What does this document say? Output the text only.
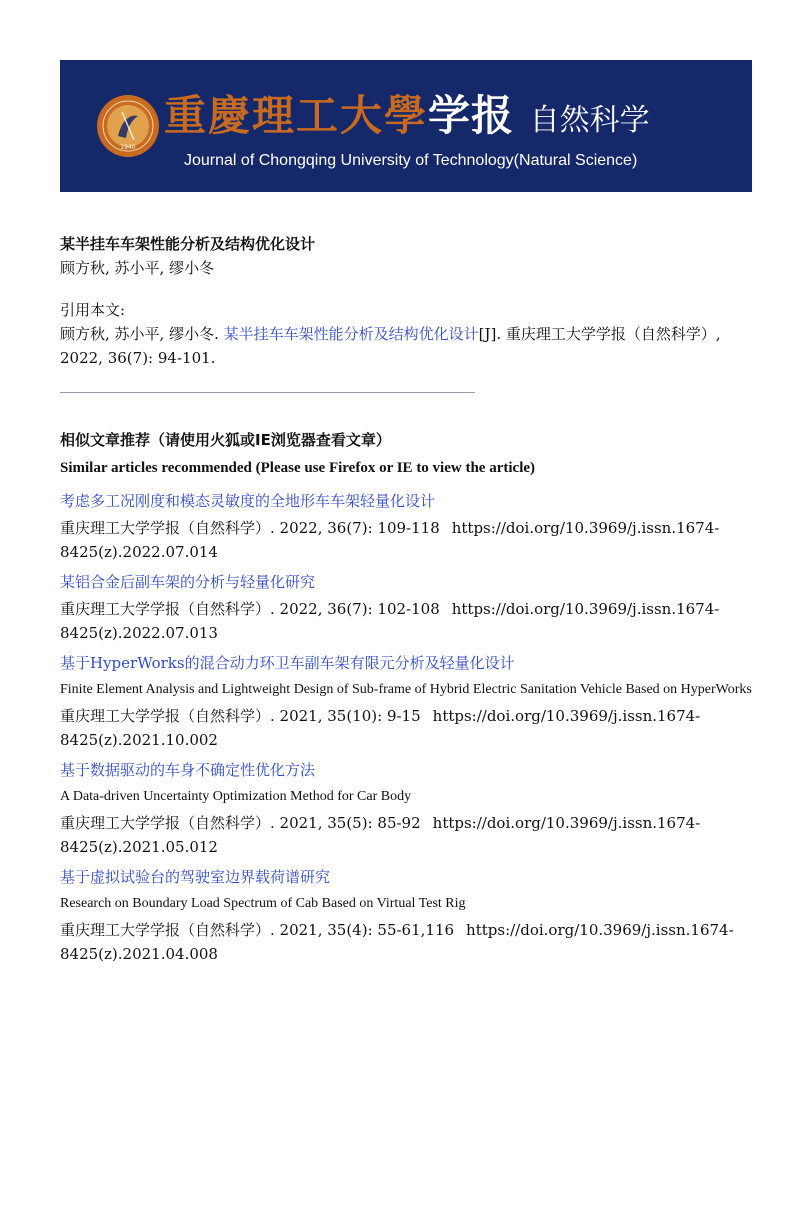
1940
重慶理工大學学报 自然科学
Journal of Chongqing University of Technology(Natural Science)

某半挂车车架性能分析及结构优化设计

顾方秋, 苏小平, 缪小冬

引用本文:

顾方秋, 苏小平, 缪小冬. 某半挂车车架性能分析及结构优化设计[J]. 重庆理工大学学报（自然科学）, 2022, 36(7): 94-101.

相似文章推荐（请使用火狐或IE浏览器查看文章）

Similar articles recommended (Please use Firefox or IE to view the article)

考虑多工况刚度和模态灵敏度的全地形车车架轻量化设计

重庆理工大学学报（自然科学）. 2022, 36(7): 109-118 https://doi.org/10.3969/j.issn.1674-8425(z).2022.07.014

某铝合金后副车架的分析与轻量化研究

重庆理工大学学报（自然科学）. 2022, 36(7): 102-108 https://doi.org/10.3969/j.issn.1674-8425(z).2022.07.013

基于HyperWorks的混合动力环卫车副车架有限元分析及轻量化设计

Finite Element Analysis and Lightweight Design of Sub-frame of Hybrid Electric Sanitation Vehicle Based on HyperWorks

重庆理工大学学报（自然科学）. 2021, 35(10): 9-15 https://doi.org/10.3969/j.issn.1674-8425(z).2021.10.002

基于数据驱动的车身不确定性优化方法

A Data-driven Uncertainty Optimization Method for Car Body

重庆理工大学学报（自然科学）. 2021, 35(5): 85-92 https://doi.org/10.3969/j.issn.1674-8425(z).2021.05.012

基于虚拟试验台的驾驶室边界载荷谱研究

Research on Boundary Load Spectrum of Cab Based on Virtual Test Rig

重庆理工大学学报（自然科学）. 2021, 35(4): 55-61,116 https://doi.org/10.3969/j.issn.1674-8425(z).2021.04.008
